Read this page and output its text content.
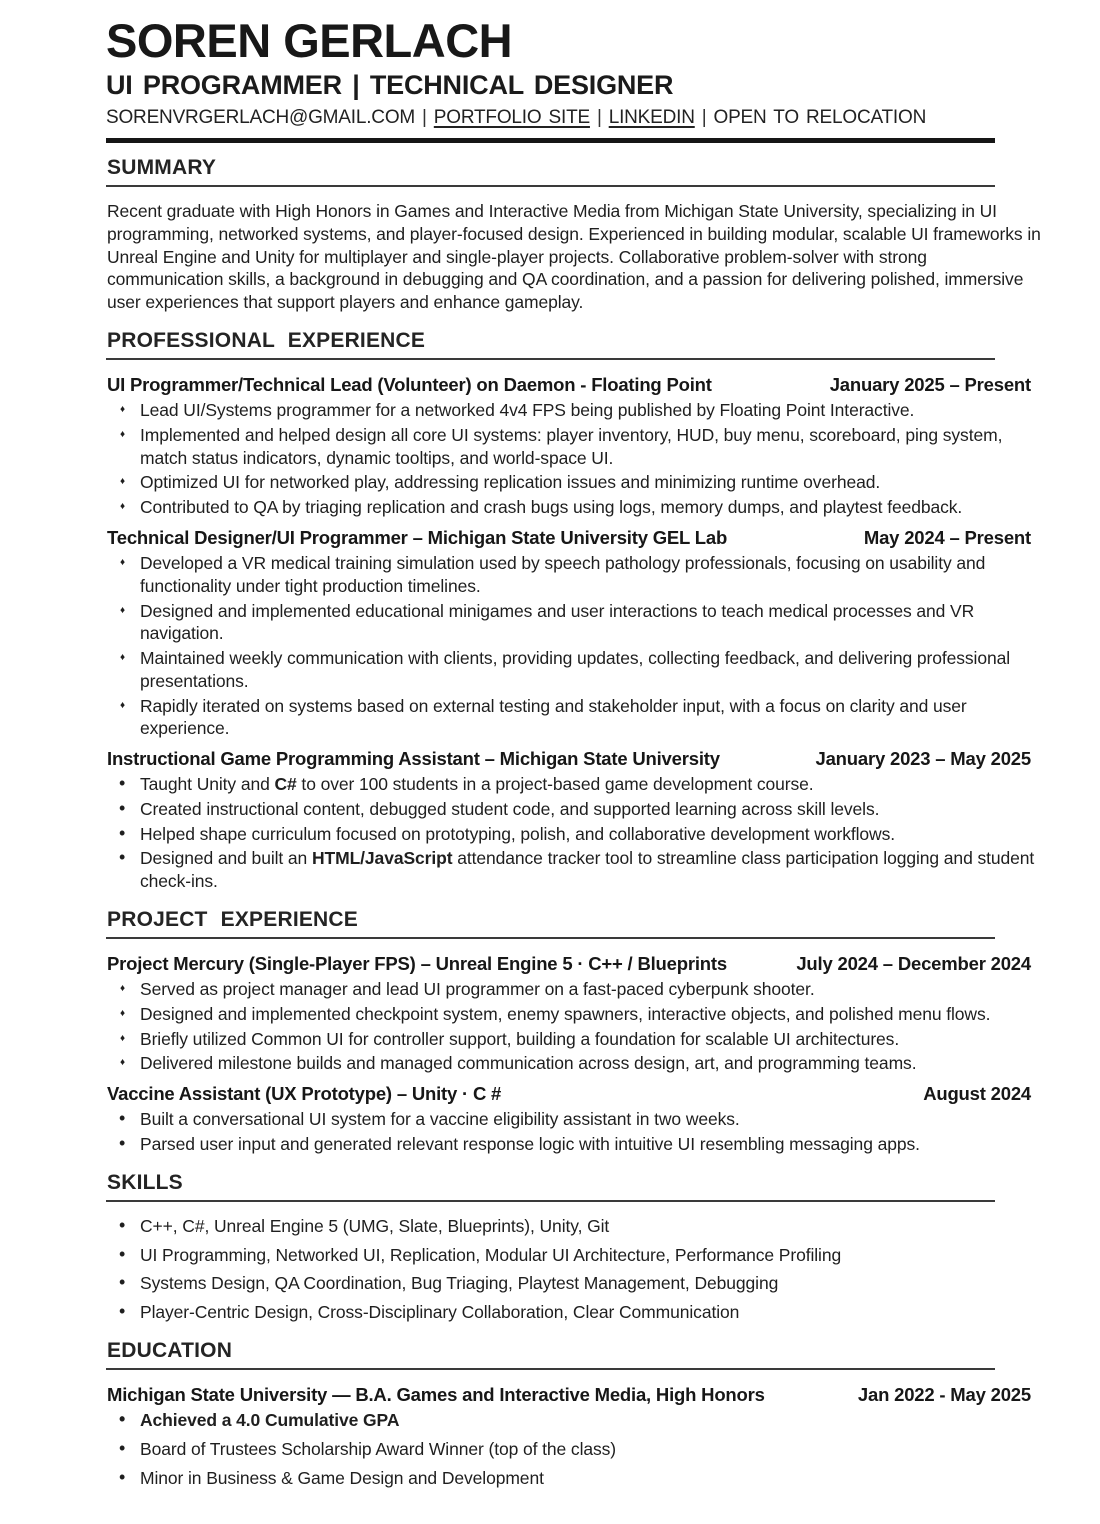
SOREN GERLACH
UI PROGRAMMER | TECHNICAL DESIGNER
SORENVRGERLACH@GMAIL.COM | PORTFOLIO SITE | LINKEDIN | OPEN TO RELOCATION
SUMMARY

Recent graduate with High Honors in Games and Interactive Media from Michigan State University, specializing in UI programming, networked systems, and player-focused design. Experienced in building modular, scalable UI frameworks in Unreal Engine and Unity for multiplayer and single-player projects. Collaborative problem-solver with strong communication skills, a background in debugging and QA coordination, and a passion for delivering polished, immersive user experiences that support players and enhance gameplay.

PROFESSIONAL EXPERIENCE
UI Programmer/Technical Lead (Volunteer) on Daemon - Floating Point	January 2025 – Present
♦ Lead UI/Systems programmer for a networked 4v4 FPS being published by Floating Point Interactive.
♦ Implemented and helped design all core UI systems: player inventory, HUD, buy menu, scoreboard, ping system, match status indicators, dynamic tooltips, and world-space UI.
♦ Optimized UI for networked play, addressing replication issues and minimizing runtime overhead.
♦ Contributed to QA by triaging replication and crash bugs using logs, memory dumps, and playtest feedback.
Technical Designer/UI Programmer – Michigan State University GEL Lab	May 2024 – Present
♦ Developed a VR medical training simulation used by speech pathology professionals, focusing on usability and functionality under tight production timelines.
♦ Designed and implemented educational minigames and user interactions to teach medical processes and VR navigation.
♦ Maintained weekly communication with clients, providing updates, collecting feedback, and delivering professional presentations.
♦ Rapidly iterated on systems based on external testing and stakeholder input, with a focus on clarity and user experience.
Instructional Game Programming Assistant – Michigan State University	January 2023 – May 2025
• Taught Unity and C# to over 100 students in a project-based game development course.
• Created instructional content, debugged student code, and supported learning across skill levels.
• Helped shape curriculum focused on prototyping, polish, and collaborative development workflows.
• Designed and built an HTML/JavaScript attendance tracker tool to streamline class participation logging and student check-ins.
PROJECT EXPERIENCE
Project Mercury (Single-Player FPS) – Unreal Engine 5 · C++ / Blueprints	July 2024 – December 2024
♦ Served as project manager and lead UI programmer on a fast-paced cyberpunk shooter.
♦ Designed and implemented checkpoint system, enemy spawners, interactive objects, and polished menu flows.
♦ Briefly utilized Common UI for controller support, building a foundation for scalable UI architectures.
♦ Delivered milestone builds and managed communication across design, art, and programming teams.
Vaccine Assistant (UX Prototype) – Unity · C #	August 2024
• Built a conversational UI system for a vaccine eligibility assistant in two weeks.
• Parsed user input and generated relevant response logic with intuitive UI resembling messaging apps.
SKILLS
• C++, C#, Unreal Engine 5 (UMG, Slate, Blueprints), Unity, Git
• UI Programming, Networked UI, Replication, Modular UI Architecture, Performance Profiling
• Systems Design, QA Coordination, Bug Triaging, Playtest Management, Debugging
• Player-Centric Design, Cross-Disciplinary Collaboration, Clear Communication
EDUCATION
Michigan State University — B.A. Games and Interactive Media, High Honors	Jan 2022 - May 2025
• Achieved a 4.0 Cumulative GPA
• Board of Trustees Scholarship Award Winner (top of the class)
• Minor in Business & Game Design and Development
